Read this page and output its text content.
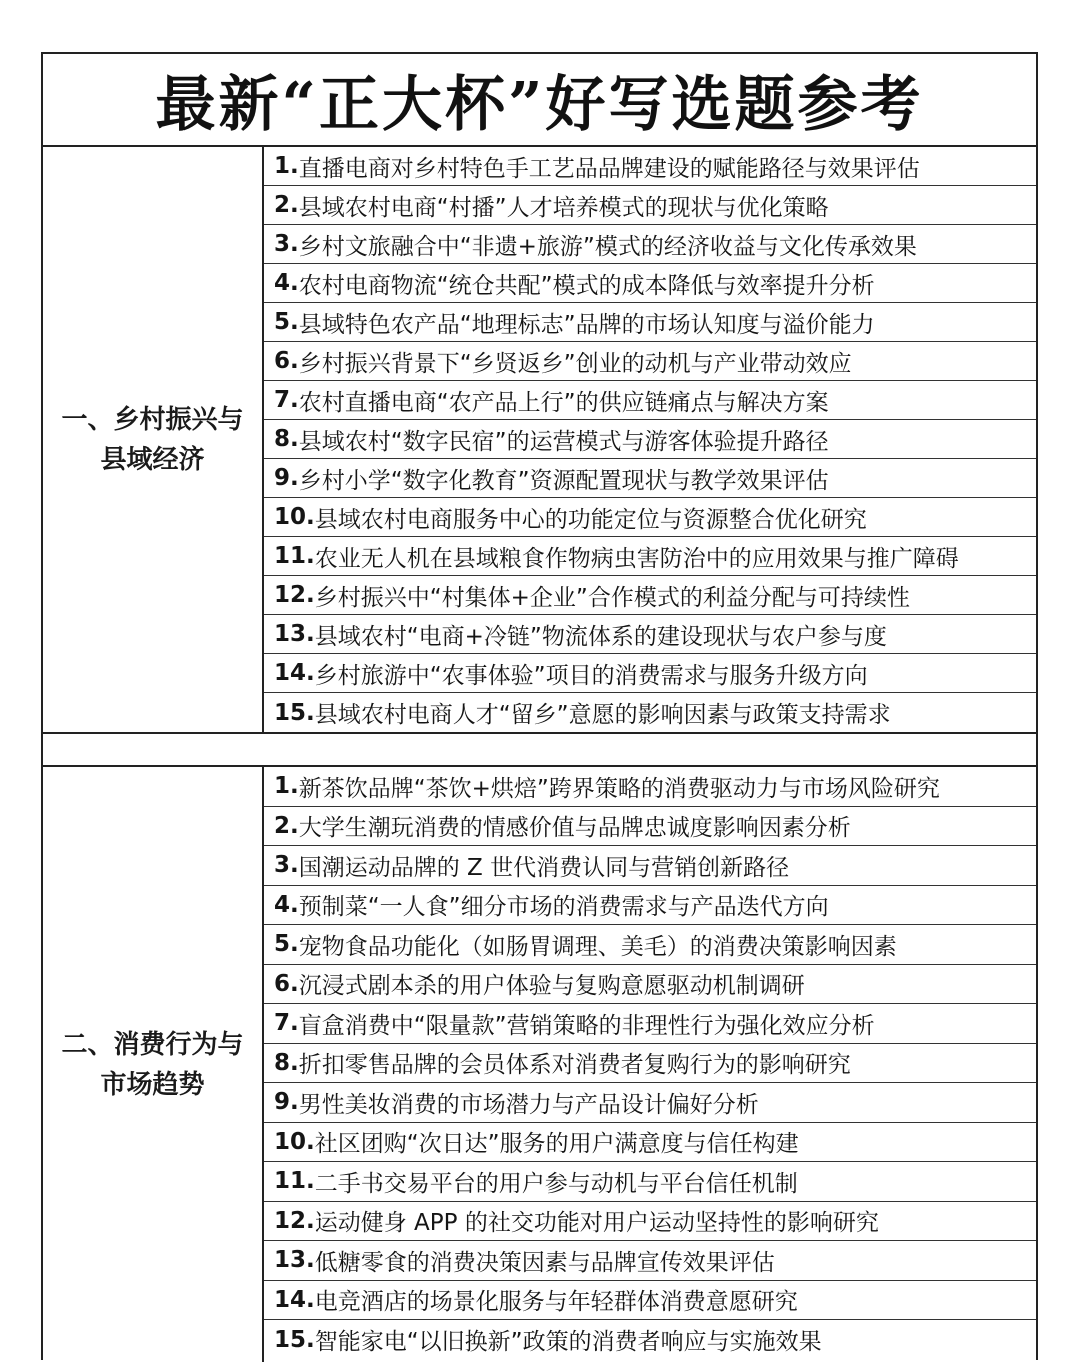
最新“正大杯”好写选题参考
一、乡村振兴与
县域经济
1. 直播电商对乡村特色手工艺品品牌建设的赋能路径与效果评估
2. 县域农村电商“村播”人才培养模式的现状与优化策略
3. 乡村文旅融合中“非遗+旅游”模式的经济收益与文化传承效果
4. 农村电商物流“统仓共配”模式的成本降低与效率提升分析
5. 县域特色农产品“地理标志”品牌的市场认知度与溢价能力
6. 乡村振兴背景下“乡贤返乡”创业的动机与产业带动效应
7. 农村直播电商“农产品上行”的供应链痛点与解决方案
8. 县域农村“数字民宿”的运营模式与游客体验提升路径
9. 乡村小学“数字化教育”资源配置现状与教学效果评估
10. 县域农村电商服务中心的功能定位与资源整合优化研究
11. 农业无人机在县域粮食作物病虫害防治中的应用效果与推广障碍
12. 乡村振兴中“村集体+企业”合作模式的利益分配与可持续性
13. 县域农村“电商+冷链”物流体系的建设现状与农户参与度
14. 乡村旅游中“农事体验”项目的消费需求与服务升级方向
15. 县域农村电商人才“留乡”意愿的影响因素与政策支持需求
二、消费行为与
市场趋势
1. 新茶饮品牌“茶饮+烘焙”跨界策略的消费驱动力与市场风险研究
2. 大学生潮玩消费的情感价值与品牌忠诚度影响因素分析
3. 国潮运动品牌的 Z 世代消费认同与营销创新路径
4. 预制菜“一人食”细分市场的消费需求与产品迭代方向
5. 宠物食品功能化（如肠胃调理、美毛）的消费决策影响因素
6. 沉浸式剧本杀的用户体验与复购意愿驱动机制调研
7. 盲盒消费中“限量款”营销策略的非理性行为强化效应分析
8. 折扣零售品牌的会员体系对消费者复购行为的影响研究
9. 男性美妆消费的市场潜力与产品设计偏好分析
10. 社区团购“次日达”服务的用户满意度与信任构建
11. 二手书交易平台的用户参与动机与平台信任机制
12. 运动健身 APP 的社交功能对用户运动坚持性的影响研究
13. 低糖零食的消费决策因素与品牌宣传效果评估
14. 电竞酒店的场景化服务与年轻群体消费意愿研究
15. 智能家电“以旧换新”政策的消费者响应与实施效果
